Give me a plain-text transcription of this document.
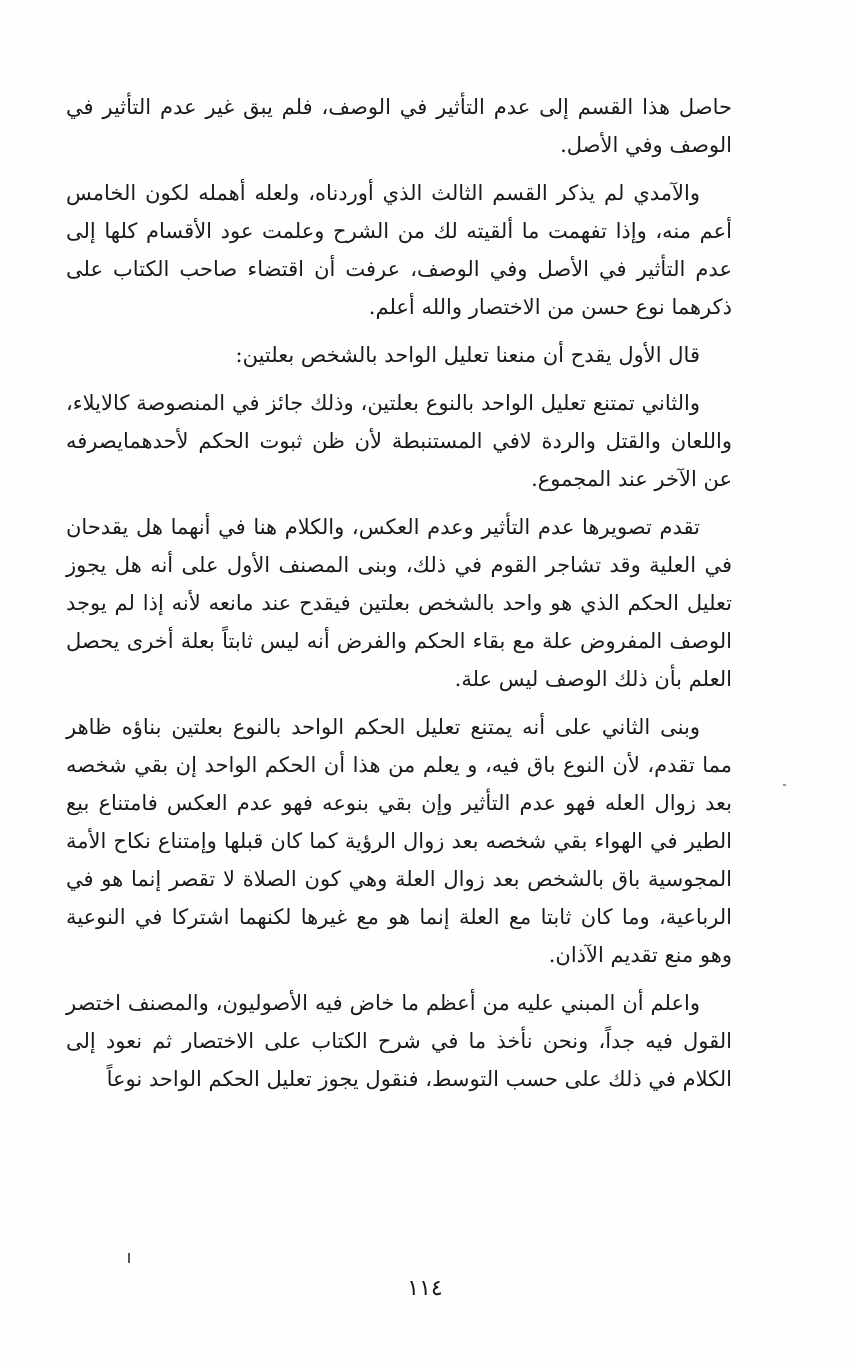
حاصل هذا القسم إلى عدم التأثير في الوصف، فلم يبق غير عدم التأثير في الوصف وفي الأصل.

والآمدي لم يذكر القسم الثالث الذي أوردناه، ولعله أهمله لكون الخامس أعم منه، وإذا تفهمت ما ألقيته لك من الشرح وعلمت عود الأقسام كلها إلى عدم التأثير في الأصل وفي الوصف، عرفت أن اقتضاء صاحب الكتاب على ذكرهما نوع حسن من الاختصار والله أعلم.

قال الأول يقدح أن منعنا تعليل الواحد بالشخص بعلتين:

والثاني تمتنع تعليل الواحد بالنوع بعلتين، وذلك جائز في المنصوصة كالايلاء، واللعان والقتل والردة لافي المستنبطة لأن ظن ثبوت الحكم لأحدهمايصرفه عن الآخر عند المجموع.

تقدم تصويرها عدم التأثير وعدم العكس، والكلام هنا في أنهما هل يقدحان في العلية وقد تشاجر القوم في ذلك، وبنى المصنف الأول على أنه هل يجوز تعليل الحكم الذي هو واحد بالشخص بعلتين فيقدح عند مانعه لأنه إذا لم يوجد الوصف المفروض علة مع بقاء الحكم والفرض أنه ليس ثابتاً بعلة أخرى يحصل العلم بأن ذلك الوصف ليس علة.

وبنى الثاني على أنه يمتنع تعليل الحكم الواحد بالنوع بعلتين بناؤه ظاهر مما تقدم، لأن النوع باق فيه، و يعلم من هذا أن الحكم الواحد إن بقي شخصه بعد زوال العله فهو عدم التأثير وإن بقي بنوعه فهو عدم العكس فامتناع بيع الطير في الهواء بقي شخصه بعد زوال الرؤية كما كان قبلها وإمتناع نكاح الأمة المجوسية باق بالشخص بعد زوال العلة وهي كون الصلاة لا تقصر إنما هو في الرباعية، وما كان ثابتا مع العلة إنما هو مع غيرها لكنهما اشتركا في النوعية وهو منع تقديم الآذان.

واعلم أن المبني عليه من أعظم ما خاض فيه الأصوليون، والمصنف اختصر القول فيه جداً، ونحن نأخذ ما في شرح الكتاب على الاختصار ثم نعود إلى الكلام في ذلك على حسب التوسط، فنقول يجوز تعليل الحكم الواحد نوعاً

١١٤
